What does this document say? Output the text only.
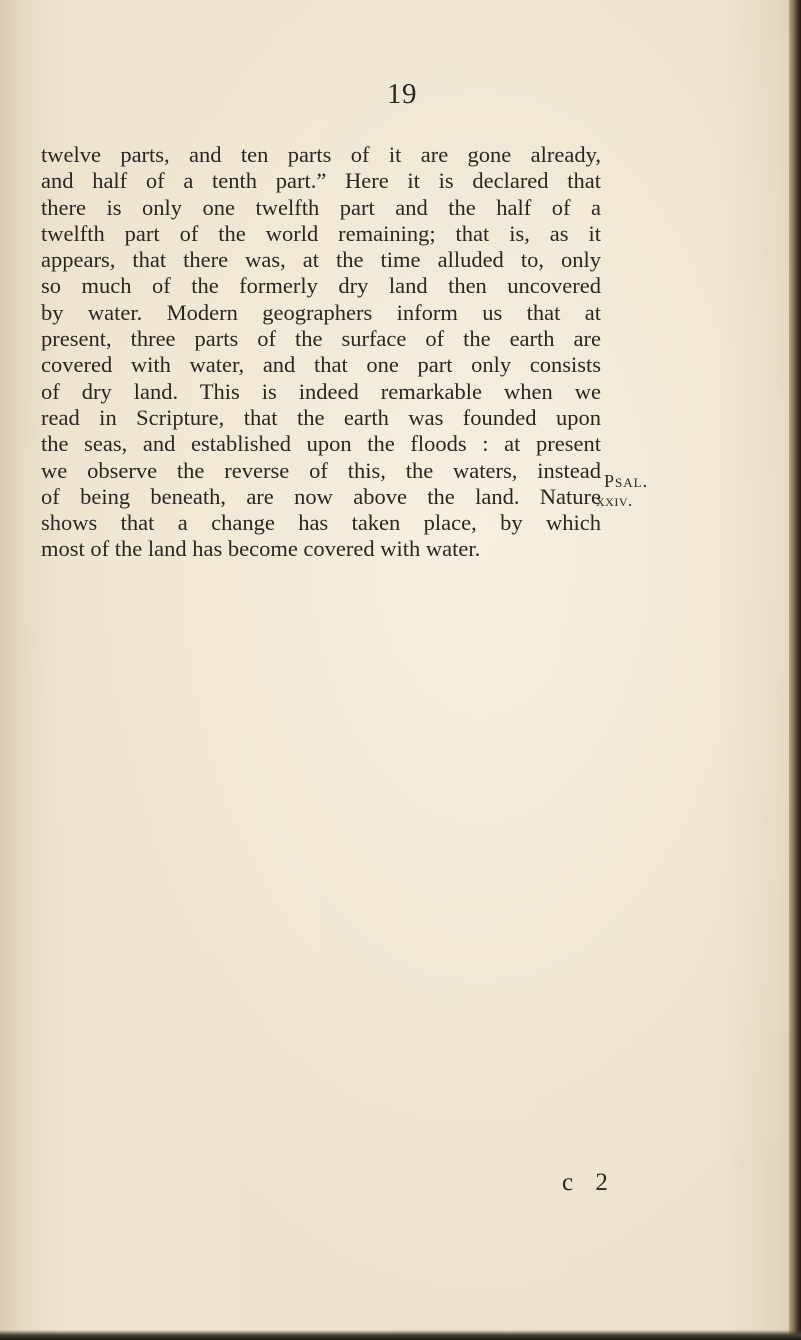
19
twelve parts, and ten parts of it are gone already,
and half of a tenth part.” Here it is declared that
there is only one twelfth part and the half of a
twelfth part of the world remaining; that is, as it
appears, that there was, at the time alluded to, only
so much of the formerly dry land then uncovered
by water. Modern geographers inform us that at
present, three parts of the surface of the earth are
covered with water, and that one part only consists
of dry land. This is indeed remarkable when we
read in Scripture, that the earth was founded upon
the seas, and established upon the floods : at present
we observe the reverse of this, the waters, instead
of being beneath, are now above the land. Nature
shows that a change has taken place, by which
most of the land has become covered with water.
Psal.
xxiv.
c 2
